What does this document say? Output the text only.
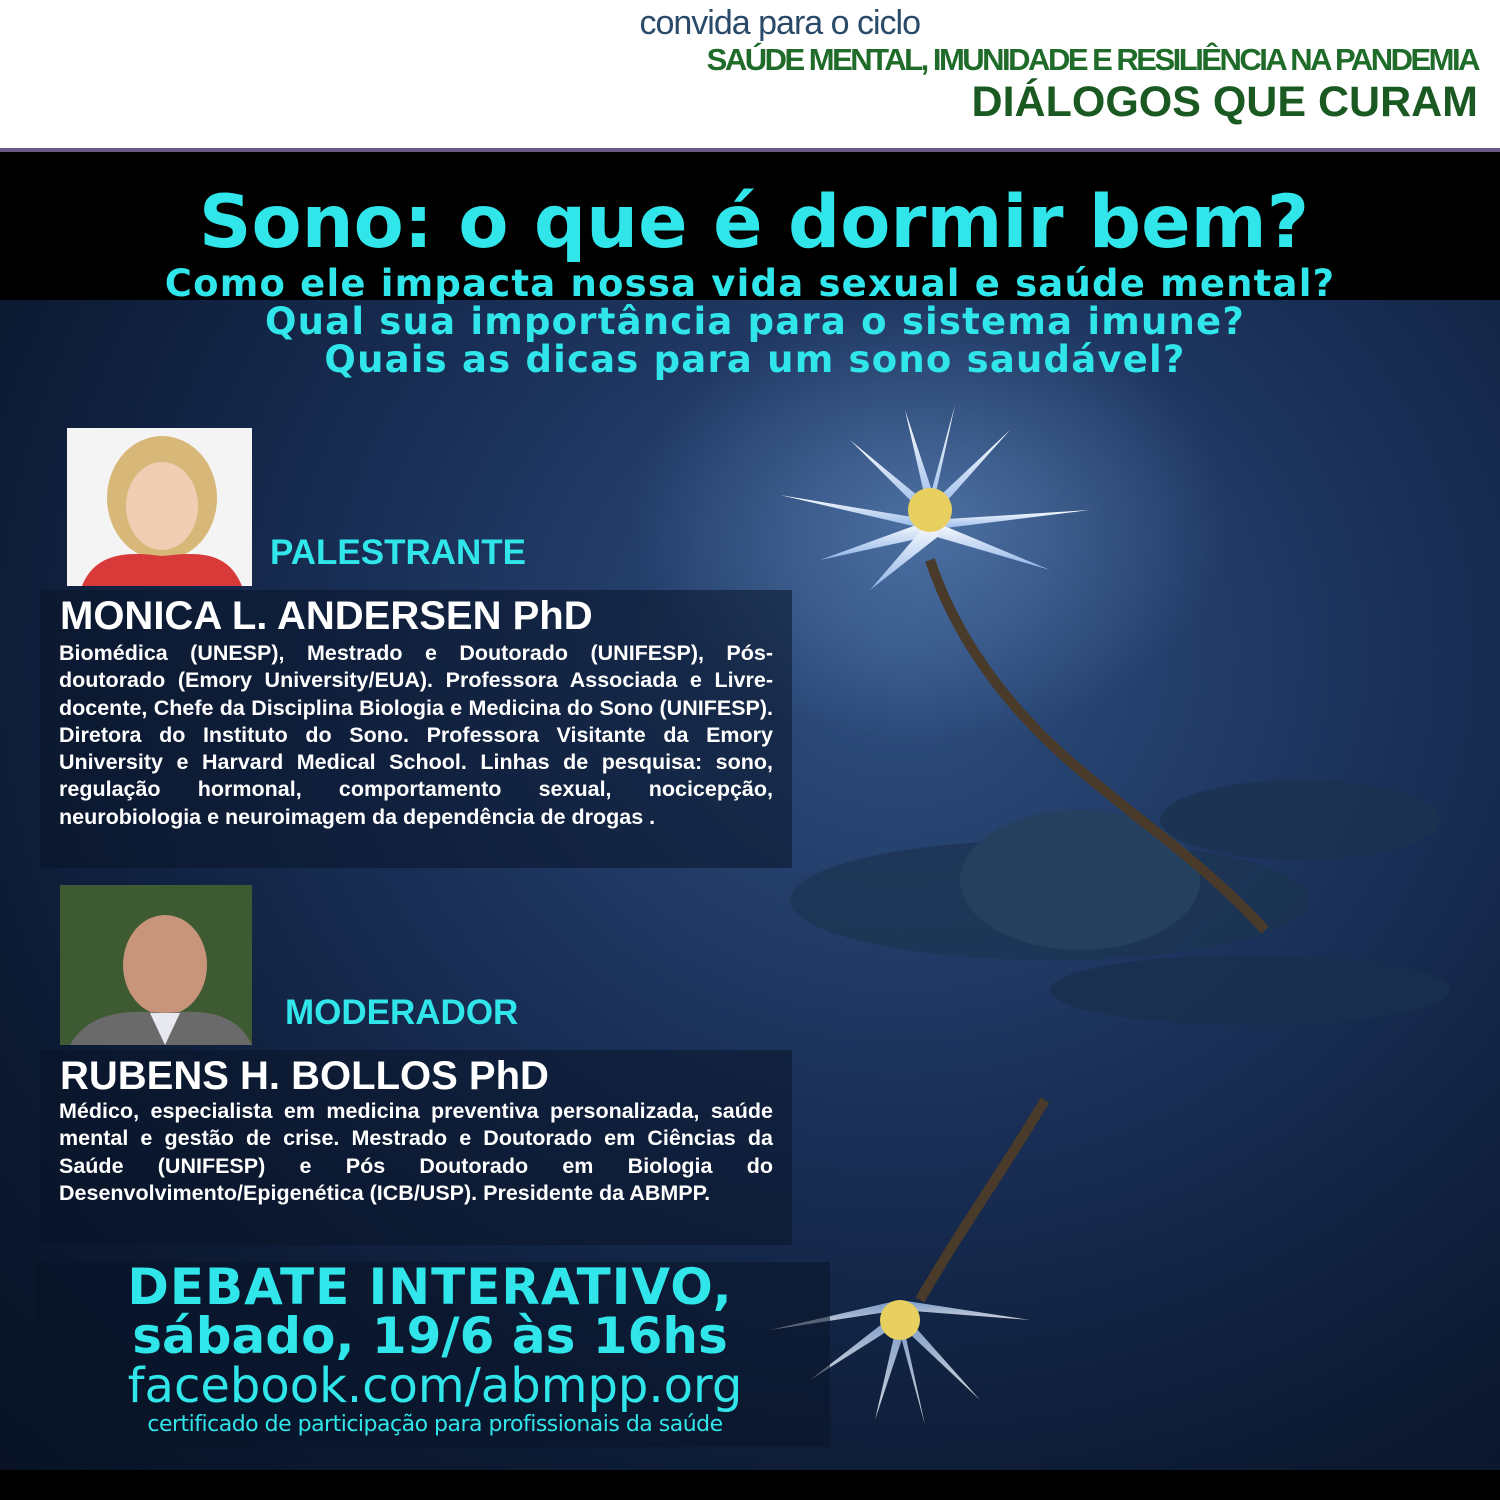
convida para o ciclo
SAÚDE MENTAL, IMUNIDADE E RESILIÊNCIA NA PANDEMIA
DIÁLOGOS QUE CURAM
Sono: o que é dormir bem?
Como ele impacta nossa vida sexual e saúde mental?
Qual sua importância para o sistema imune?
Quais as dicas para um sono saudável?
PALESTRANTE
MONICA L. ANDERSEN PhD
Biomédica (UNESP), Mestrado e Doutorado (UNIFESP), Pós-doutorado (Emory University/EUA). Professora Associada e Livre-docente, Chefe da Disciplina Biologia e Medicina do Sono (UNIFESP). Diretora do Instituto do Sono. Professora Visitante da Emory University e Harvard Medical School. Linhas de pesquisa: sono, regulação hormonal, comportamento sexual, nocicepção, neurobiologia e neuroimagem da dependência de drogas .
MODERADOR
RUBENS H. BOLLOS PhD
Médico, especialista em medicina preventiva personalizada, saúde mental e gestão de crise. Mestrado e Doutorado em Ciências da Saúde (UNIFESP) e Pós Doutorado em Biologia do Desenvolvimento/Epigenética (ICB/USP). Presidente da ABMPP.
DEBATE INTERATIVO,
sábado, 19/6 às 16hs
facebook.com/abmpp.org
certificado de participação para profissionais da saúde
